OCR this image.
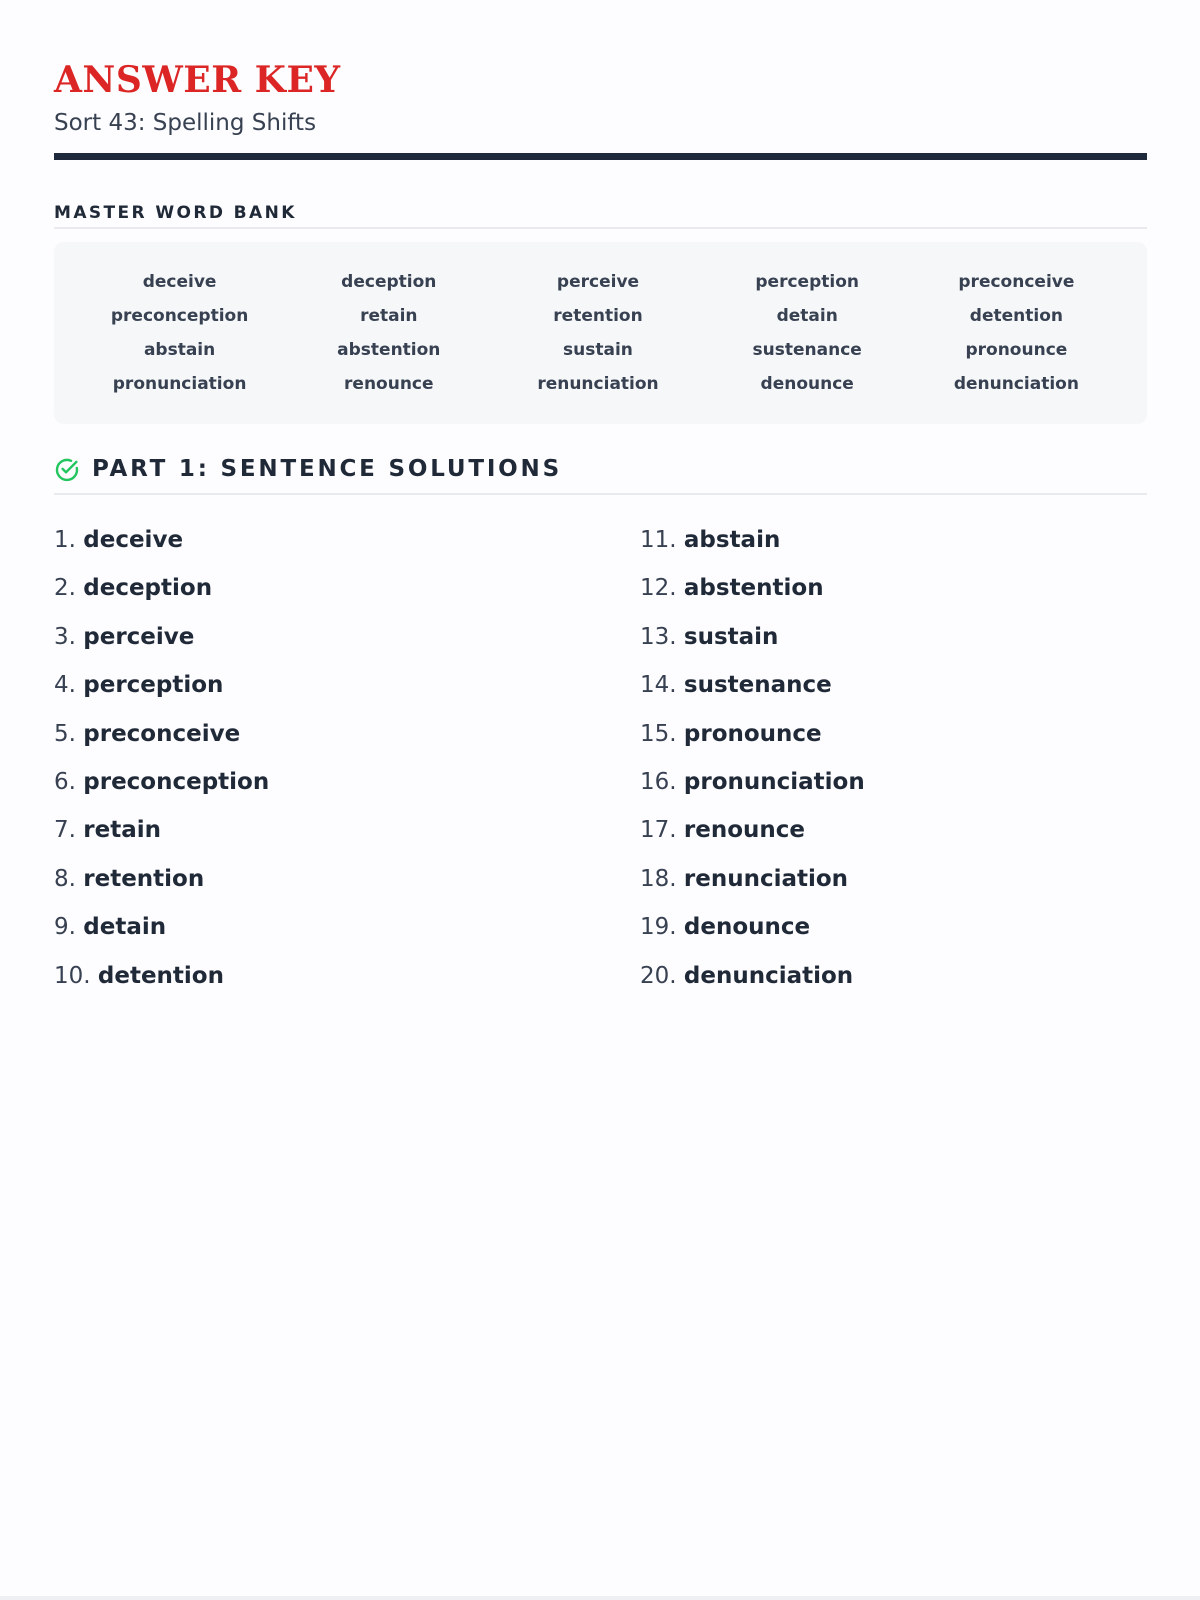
ANSWER KEY
Sort 43: Spelling Shifts
MASTER WORD BANK
deceive	deception	perceive	perception	preconceive
preconception	retain	retention	detain	detention
abstain	abstention	sustain	sustenance	pronounce
pronunciation	renounce	renunciation	denounce	denunciation
PART 1: SENTENCE SOLUTIONS
1. deceive
2. deception
3. perceive
4. perception
5. preconceive
6. preconception
7. retain
8. retention
9. detain
10. detention
11. abstain
12. abstention
13. sustain
14. sustenance
15. pronounce
16. pronunciation
17. renounce
18. renunciation
19. denounce
20. denunciation
